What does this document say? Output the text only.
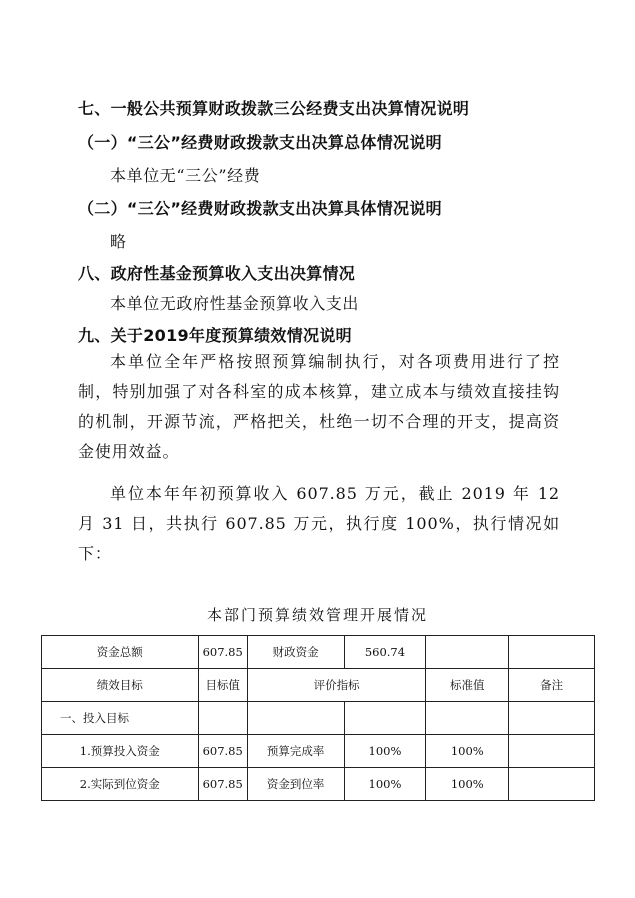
七、一般公共预算财政拨款三公经费支出决算情况说明
（一）“三公”经费财政拨款支出决算总体情况说明
本单位无“三公”经费
（二）“三公”经费财政拨款支出决算具体情况说明
略
八、政府性基金预算收入支出决算情况
本单位无政府性基金预算收入支出
九、关于2019年度预算绩效情况说明
本单位全年严格按照预算编制执行，对各项费用进行了控制，特别加强了对各科室的成本核算，建立成本与绩效直接挂钩的机制，开源节流，严格把关，杜绝一切不合理的开支，提高资金使用效益。
单位本年年初预算收入 607.85 万元，截止 2019 年 12 月 31 日，共执行 607.85 万元，执行度 100%，执行情况如下：
本部门预算绩效管理开展情况
资金总额	607.85	财政资金	560.74		
绩效目标	目标值	评价指标		标准值	备注
一、投入目标					
1.预算投入资金	607.85	预算完成率	100%	100%	
2.实际到位资金	607.85	资金到位率	100%	100%	
